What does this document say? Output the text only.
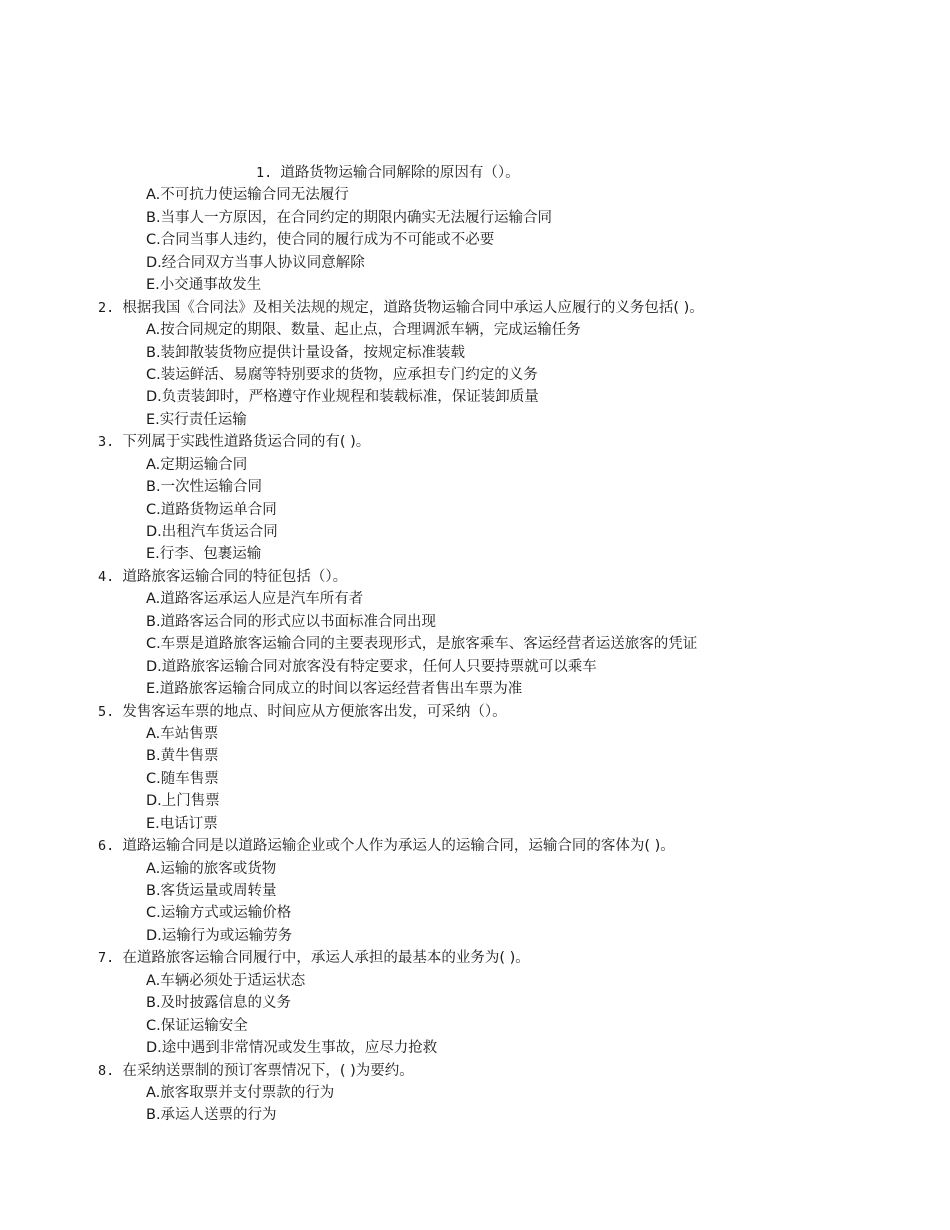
1. 道路货物运输合同解除的原因有（）。
A.不可抗力使运输合同无法履行
B.当事人一方原因，在合同约定的期限内确实无法履行运输合同
C.合同当事人违约，使合同的履行成为不可能或不必要
D.经合同双方当事人协议同意解除
E.小交通事故发生
2. 根据我国《合同法》及相关法规的规定，道路货物运输合同中承运人应履行的义务包括( )。
A.按合同规定的期限、数量、起止点，合理调派车辆，完成运输任务
B.装卸散装货物应提供计量设备，按规定标准装载
C.装运鲜活、易腐等特别要求的货物，应承担专门约定的义务
D.负责装卸时，严格遵守作业规程和装载标准，保证装卸质量
E.实行责任运输
3. 下列属于实践性道路货运合同的有( )。
A.定期运输合同
B.一次性运输合同
C.道路货物运单合同
D.出租汽车货运合同
E.行李、包裹运输
4. 道路旅客运输合同的特征包括（）。
A.道路客运承运人应是汽车所有者
B.道路客运合同的形式应以书面标准合同出现
C.车票是道路旅客运输合同的主要表现形式，是旅客乘车、客运经营者运送旅客的凭证
D.道路旅客运输合同对旅客没有特定要求，任何人只要持票就可以乘车
E.道路旅客运输合同成立的时间以客运经营者售出车票为准
5. 发售客运车票的地点、时间应从方便旅客出发，可采纳（）。
A.车站售票
B.黄牛售票
C.随车售票
D.上门售票
E.电话订票
6. 道路运输合同是以道路运输企业或个人作为承运人的运输合同，运输合同的客体为( )。
A.运输的旅客或货物
B.客货运量或周转量
C.运输方式或运输价格
D.运输行为或运输劳务
7. 在道路旅客运输合同履行中，承运人承担的最基本的业务为( )。
A.车辆必须处于适运状态
B.及时披露信息的义务
C.保证运输安全
D.途中遇到非常情况或发生事故，应尽力抢救
8. 在采纳送票制的预订客票情况下，( )为要约。
A.旅客取票并支付票款的行为
B.承运人送票的行为
